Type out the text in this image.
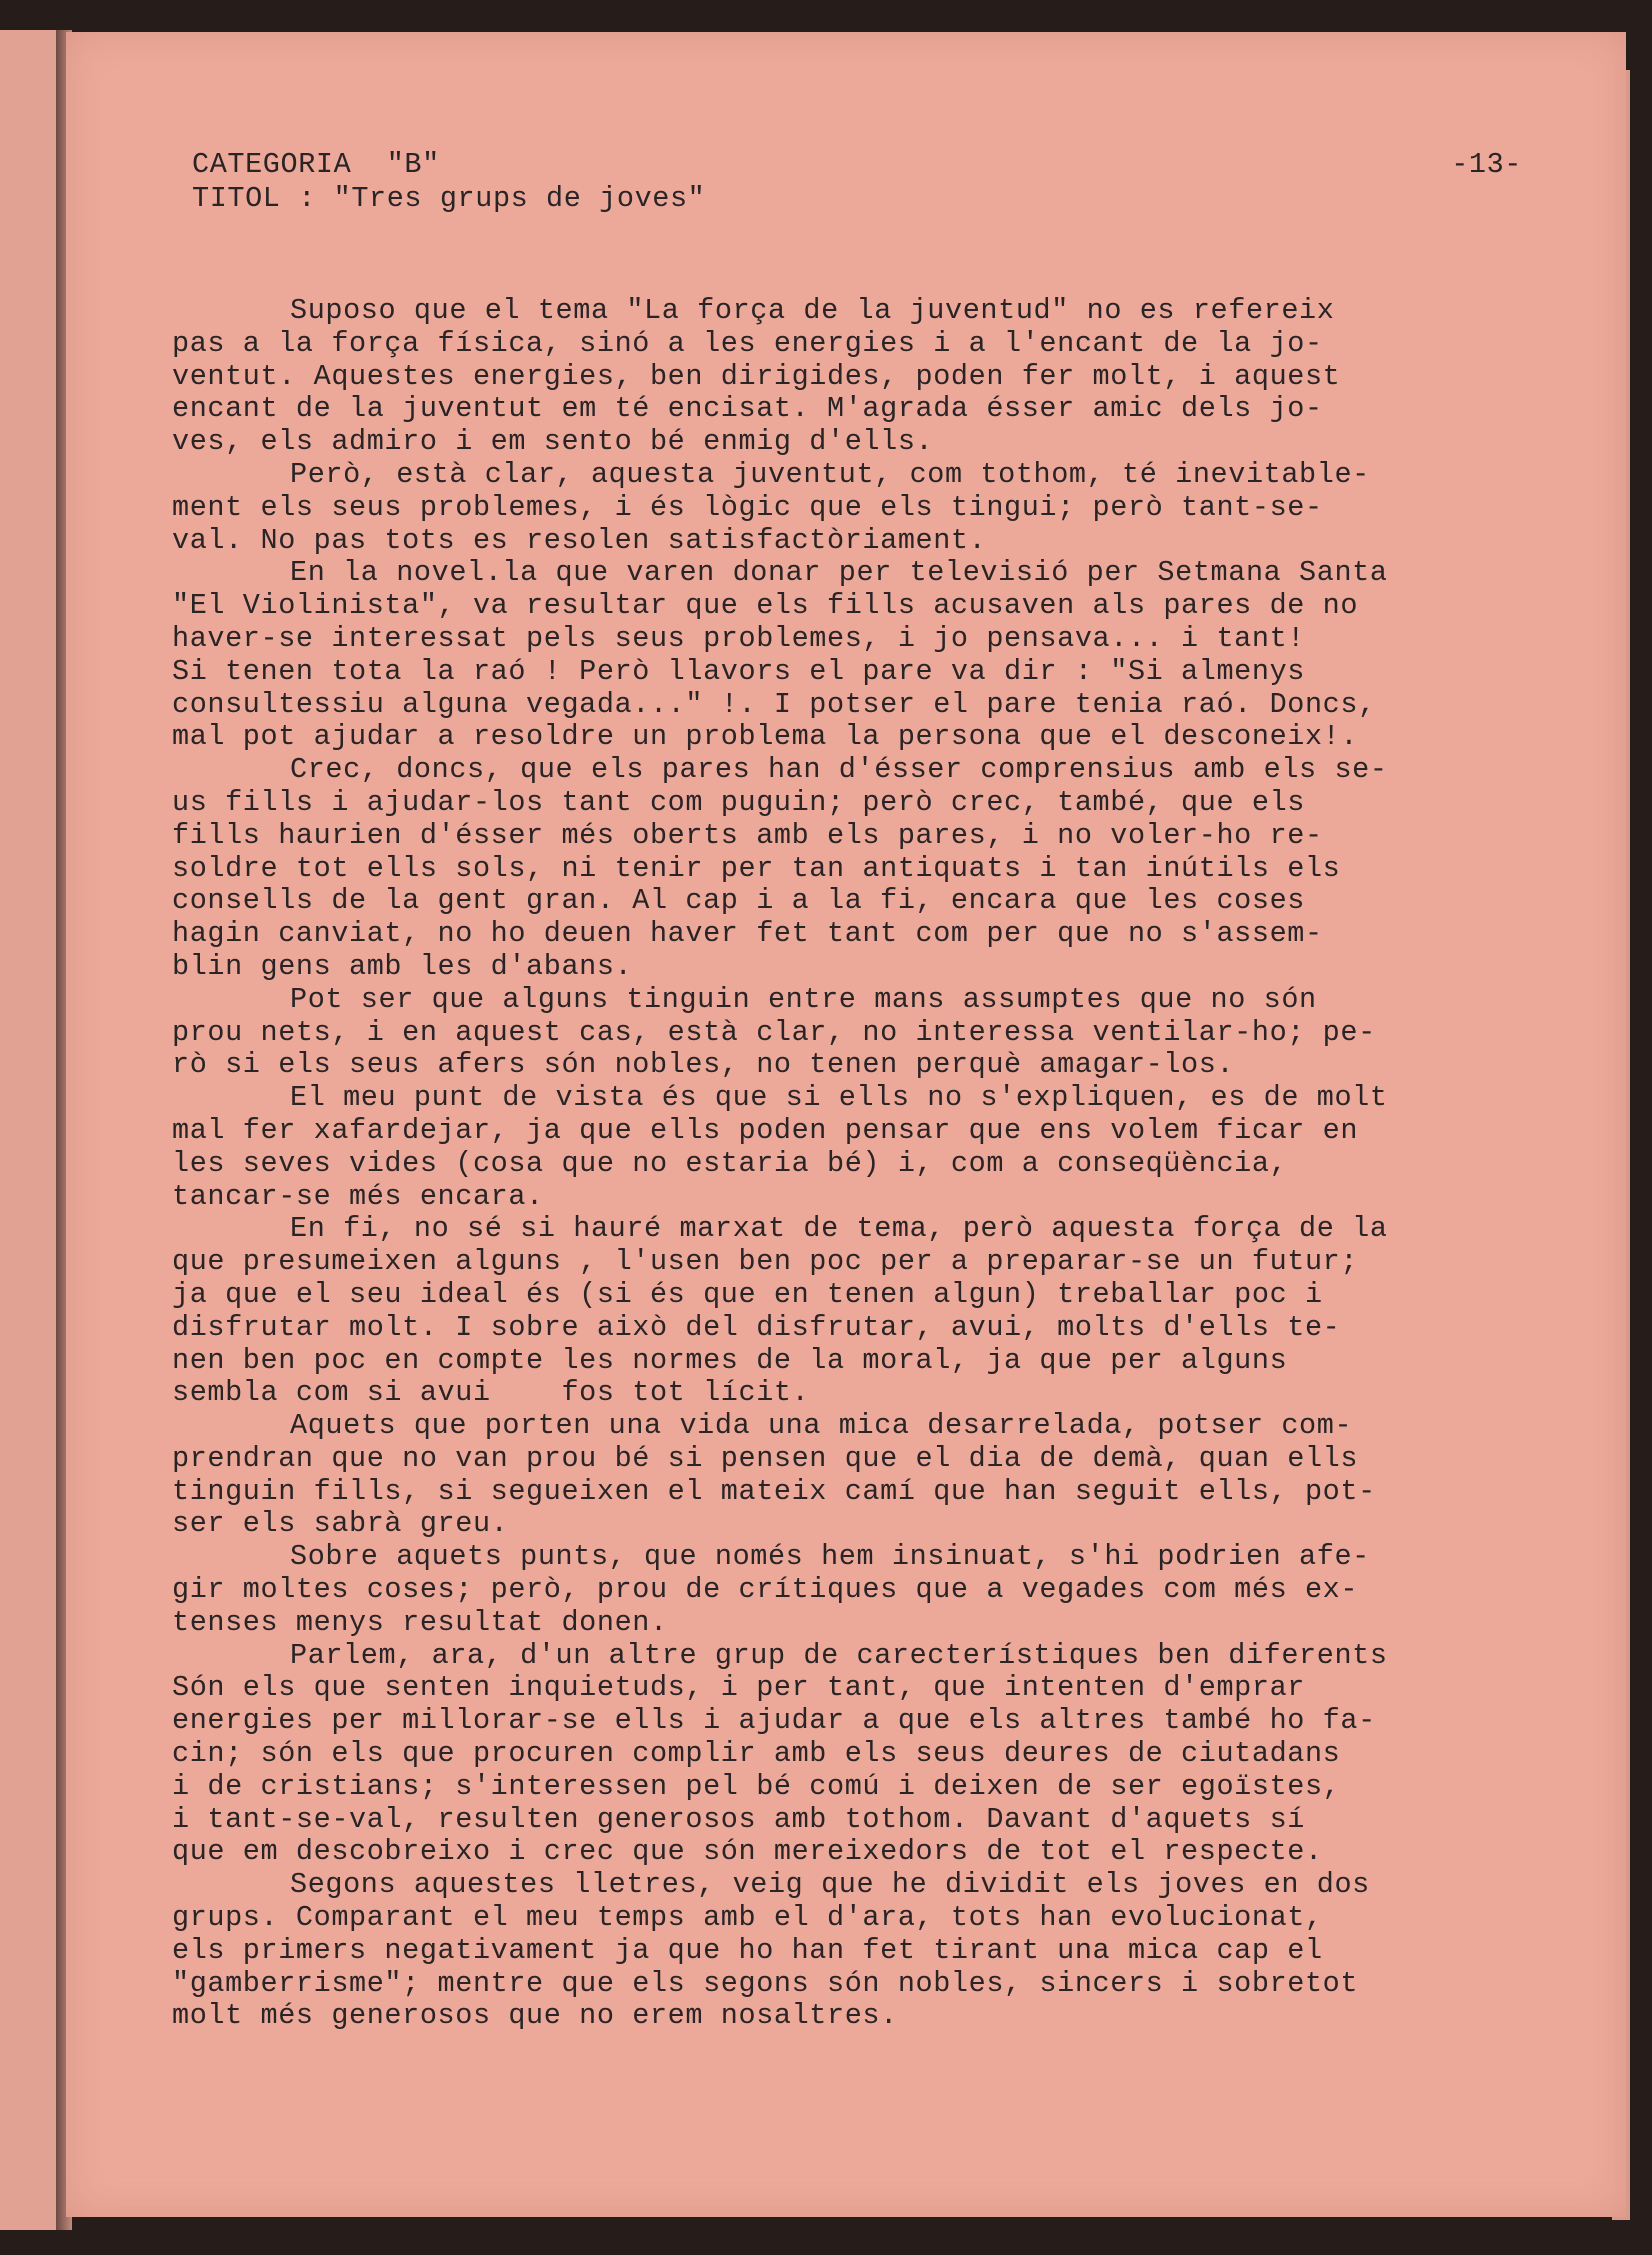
CATEGORIA  "B"
TITOL : "Tres grups de joves"
-13-
Suposo que el tema "La força de la juventud" no es refereix
pas a la força física, sinó a les energies i a l'encant de la jo-
ventut. Aquestes energies, ben dirigides, poden fer molt, i aquest
encant de la juventut em té encisat. M'agrada ésser amic dels jo-
ves, els admiro i em sento bé enmig d'ells.
Però, està clar, aquesta juventut, com tothom, té inevitable-
ment els seus problemes, i és lògic que els tingui; però tant-se-
val. No pas tots es resolen satisfactòriament.
En la novel.la que varen donar per televisió per Setmana Santa
"El Violinista", va resultar que els fills acusaven als pares de no
haver-se interessat pels seus problemes, i jo pensava... i tant!
Si tenen tota la raó ! Però llavors el pare va dir : "Si almenys
consultessiu alguna vegada..." !. I potser el pare tenia raó. Doncs,
mal pot ajudar a resoldre un problema la persona que el desconeix!.
Crec, doncs, que els pares han d'ésser comprensius amb els se-
us fills i ajudar-los tant com puguin; però crec, també, que els
fills haurien d'ésser més oberts amb els pares, i no voler-ho re-
soldre tot ells sols, ni tenir per tan antiquats i tan inútils els
consells de la gent gran. Al cap i a la fi, encara que les coses
hagin canviat, no ho deuen haver fet tant com per que no s'assem-
blin gens amb les d'abans.
Pot ser que alguns tinguin entre mans assumptes que no són
prou nets, i en aquest cas, està clar, no interessa ventilar-ho; pe-
rò si els seus afers són nobles, no tenen perquè amagar-los.
El meu punt de vista és que si ells no s'expliquen, es de molt
mal fer xafardejar, ja que ells poden pensar que ens volem ficar en
les seves vides (cosa que no estaria bé) i, com a conseqüència,
tancar-se més encara.
En fi, no sé si hauré marxat de tema, però aquesta força de la
que presumeixen alguns , l'usen ben poc per a preparar-se un futur;
ja que el seu ideal és (si és que en tenen algun) treballar poc i
disfrutar molt. I sobre això del disfrutar, avui, molts d'ells te-
nen ben poc en compte les normes de la moral, ja que per alguns
sembla com si avui    fos tot lícit.
Aquets que porten una vida una mica desarrelada, potser com-
prendran que no van prou bé si pensen que el dia de demà, quan ells
tinguin fills, si segueixen el mateix camí que han seguit ells, pot-
ser els sabrà greu.
Sobre aquets punts, que només hem insinuat, s'hi podrien afe-
gir moltes coses; però, prou de crítiques que a vegades com més ex-
tenses menys resultat donen.
Parlem, ara, d'un altre grup de carecterístiques ben diferents
Són els que senten inquietuds, i per tant, que intenten d'emprar
energies per millorar-se ells i ajudar a que els altres també ho fa-
cin; són els que procuren complir amb els seus deures de ciutadans
i de cristians; s'interessen pel bé comú i deixen de ser egoïstes,
i tant-se-val, resulten generosos amb tothom. Davant d'aquets sí
que em descobreixo i crec que són mereixedors de tot el respecte.
Segons aquestes lletres, veig que he dividit els joves en dos
grups. Comparant el meu temps amb el d'ara, tots han evolucionat,
els primers negativament ja que ho han fet tirant una mica cap el
"gamberrisme"; mentre que els segons són nobles, sincers i sobretot
molt més generosos que no erem nosaltres.
